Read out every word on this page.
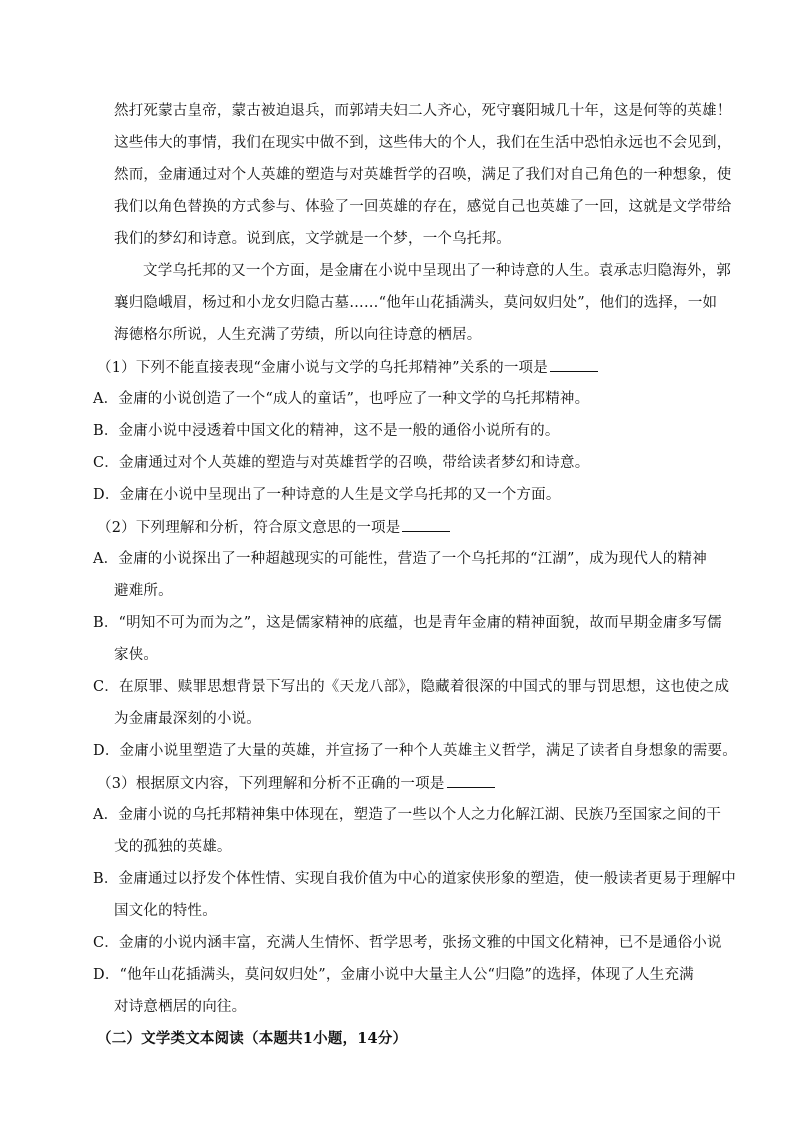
然打死蒙古皇帝，蒙古被迫退兵，而郭靖夫妇二人齐心，死守襄阳城几十年，这是何等的英雄！
这些伟大的事情，我们在现实中做不到，这些伟大的个人，我们在生活中恐怕永远也不会见到，
然而，金庸通过对个人英雄的塑造与对英雄哲学的召唤，满足了我们对自己角色的一种想象，使
我们以角色替换的方式参与、体验了一回英雄的存在，感觉自己也英雄了一回，这就是文学带给
我们的梦幻和诗意。说到底，文学就是一个梦，一个乌托邦。
文学乌托邦的又一个方面，是金庸在小说中呈现出了一种诗意的人生。袁承志归隐海外，郭
襄归隐峨眉，杨过和小龙女归隐古墓……“他年山花插满头，莫问奴归处”，他们的选择，一如
海德格尔所说，人生充满了劳绩，所以向往诗意的栖居。
（1）下列不能直接表现“金庸小说与文学的乌托邦精神”关系的一项是
A．金庸的小说创造了一个“成人的童话”，也呼应了一种文学的乌托邦精神。
B．金庸小说中浸透着中国文化的精神，这不是一般的通俗小说所有的。
C．金庸通过对个人英雄的塑造与对英雄哲学的召唤，带给读者梦幻和诗意。
D．金庸在小说中呈现出了一种诗意的人生是文学乌托邦的又一个方面。
（2）下列理解和分析，符合原文意思的一项是
A．金庸的小说探出了一种超越现实的可能性，营造了一个乌托邦的“江湖”，成为现代人的精神
避难所。
B．“明知不可为而为之”，这是儒家精神的底蕴，也是青年金庸的精神面貌，故而早期金庸多写儒
家侠。
C．在原罪、赎罪思想背景下写出的《天龙八部》，隐藏着很深的中国式的罪与罚思想，这也使之成
为金庸最深刻的小说。
D．金庸小说里塑造了大量的英雄，并宣扬了一种个人英雄主义哲学，满足了读者自身想象的需要。
（3）根据原文内容，下列理解和分析不正确的一项是
A．金庸小说的乌托邦精神集中体现在，塑造了一些以个人之力化解江湖、民族乃至国家之间的干
戈的孤独的英雄。
B．金庸通过以抒发个体性情、实现自我价值为中心的道家侠形象的塑造，使一般读者更易于理解中
国文化的特性。
C．金庸的小说内涵丰富，充满人生情怀、哲学思考，张扬文雅的中国文化精神，已不是通俗小说
D．“他年山花插满头，莫问奴归处”，金庸小说中大量主人公“归隐”的选择，体现了人生充满
对诗意栖居的向往。
（二）文学类文本阅读（本题共1小题，14分）
